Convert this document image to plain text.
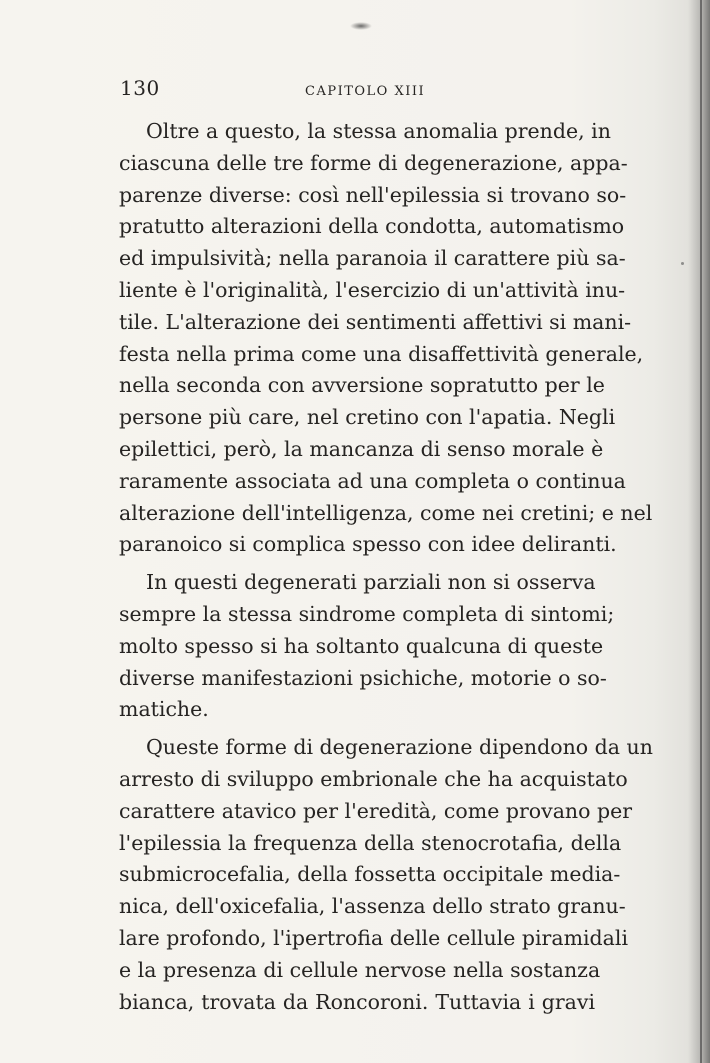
130	CAPITOLO XIII
Oltre a questo, la stessa anomalia prende, in
ciascuna delle tre forme di degenerazione, appa-
parenze diverse: così nell'epilessia si trovano so-
pratutto alterazioni della condotta, automatismo
ed impulsività; nella paranoia il carattere più sa-
liente è l'originalità, l'esercizio di un'attività inu-
tile. L'alterazione dei sentimenti affettivi si mani-
festa nella prima come una disaffettività generale,
nella seconda con avversione sopratutto per le
persone più care, nel cretino con l'apatia. Negli
epilettici, però, la mancanza di senso morale è
raramente associata ad una completa o continua
alterazione dell'intelligenza, come nei cretini; e nel
paranoico si complica spesso con idee deliranti.
In questi degenerati parziali non si osserva
sempre la stessa sindrome completa di sintomi;
molto spesso si ha soltanto qualcuna di queste
diverse manifestazioni psichiche, motorie o so-
matiche.
Queste forme di degenerazione dipendono da un
arresto di sviluppo embrionale che ha acquistato
carattere atavico per l'eredità, come provano per
l'epilessia la frequenza della stenocrotafia, della
submicrocefalia, della fossetta occipitale media-
nica, dell'oxicefalia, l'assenza dello strato granu-
lare profondo, l'ipertrofia delle cellule piramidali
e la presenza di cellule nervose nella sostanza
bianca, trovata da Roncoroni. Tuttavia i gravi
